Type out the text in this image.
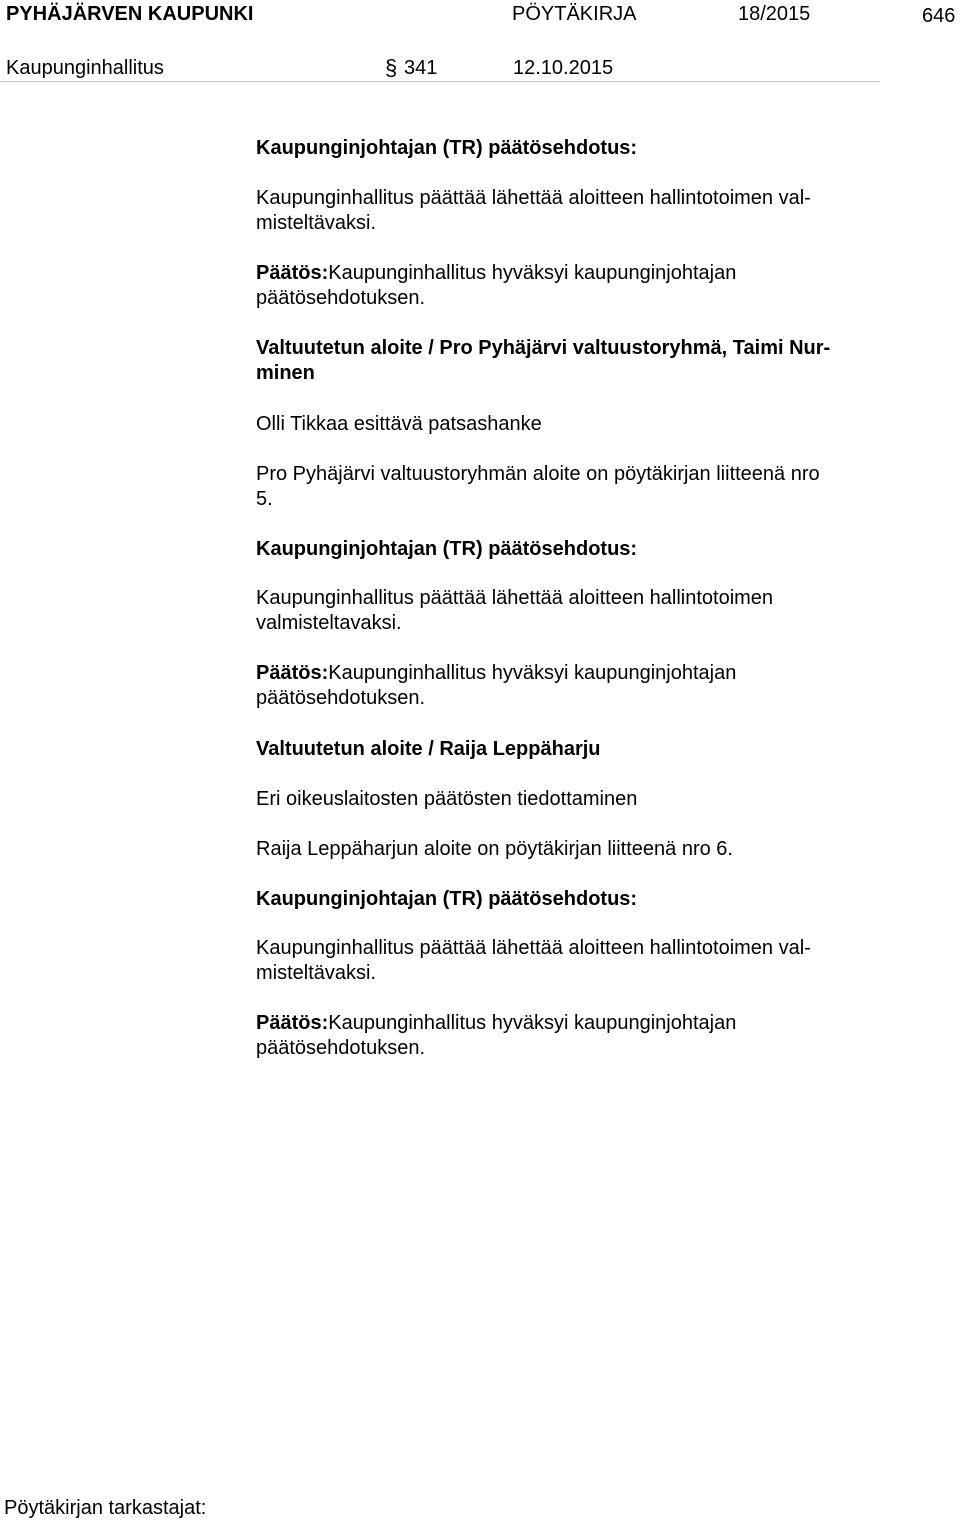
PYHÄJÄRVEN KAUPUNKI	PÖYTÄKIRJA	18/2015	646
Kaupunginhallitus	§ 341	12.10.2015
Kaupunginjohtajan (TR) päätösehdotus:
Kaupunginhallitus päättää lähettää aloitteen hallintotoimen val-
misteltävaksi.
Päätös:Kaupunginhallitus hyväksyi kaupunginjohtajan
päätösehdotuksen.
Valtuutetun aloite / Pro Pyhäjärvi valtuustoryhmä, Taimi Nur-
minen
Olli Tikkaa esittävä patsashanke
Pro Pyhäjärvi valtuustoryhmän aloite on pöytäkirjan liitteenä nro
5.
Kaupunginjohtajan (TR) päätösehdotus:
Kaupunginhallitus päättää lähettää aloitteen hallintotoimen
valmisteltavaksi.
Päätös:Kaupunginhallitus hyväksyi kaupunginjohtajan
päätösehdotuksen.
Valtuutetun aloite / Raija Leppäharju
Eri oikeuslaitosten päätösten tiedottaminen
Raija Leppäharjun aloite on pöytäkirjan liitteenä nro 6.
Kaupunginjohtajan (TR) päätösehdotus:
Kaupunginhallitus päättää lähettää aloitteen hallintotoimen val-
misteltävaksi.
Päätös:Kaupunginhallitus hyväksyi kaupunginjohtajan
päätösehdotuksen.
Pöytäkirjan tarkastajat:
